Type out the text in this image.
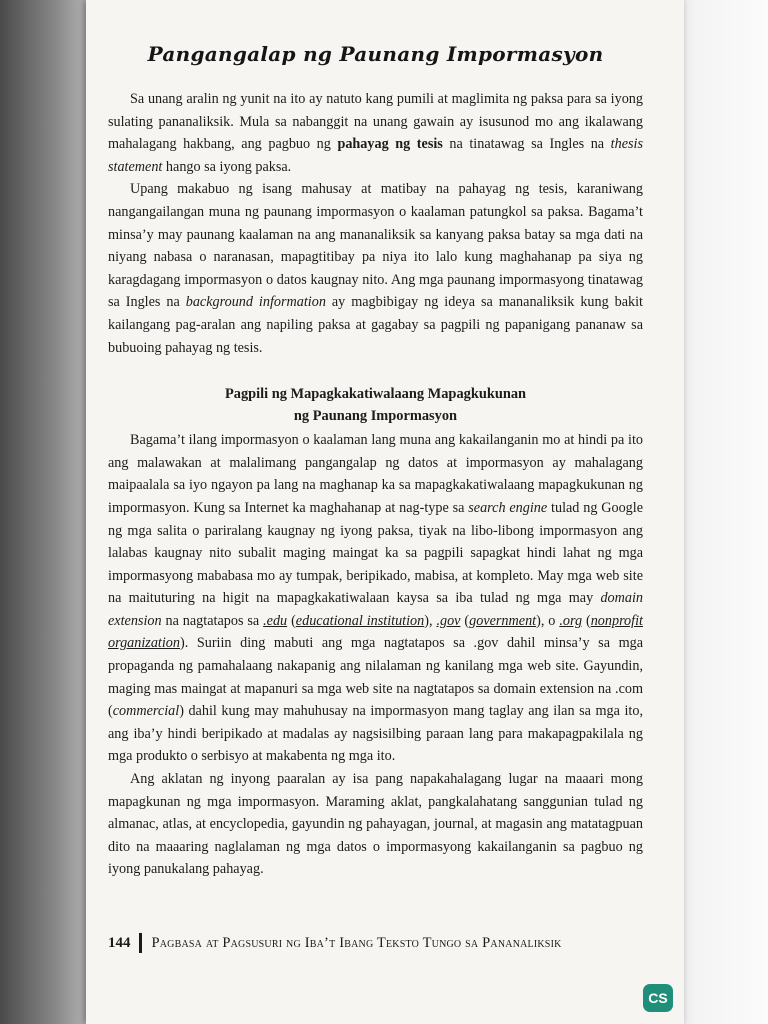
Pangangalap ng Paunang Impormasyon

Sa unang aralin ng yunit na ito ay natuto kang pumili at maglimita ng paksa para sa iyong sulating pananaliksik. Mula sa nabanggit na unang gawain ay isusunod mo ang ikalawang mahalagang hakbang, ang pagbuo ng pahayag ng tesis na tinatawag sa Ingles na thesis statement hango sa iyong paksa.

Upang makabuo ng isang mahusay at matibay na pahayag ng tesis, karaniwang nangangailangan muna ng paunang impormasyon o kaalaman patungkol sa paksa. Bagama’t minsa’y may paunang kaalaman na ang mananaliksik sa kanyang paksa batay sa mga dati na niyang nabasa o naranasan, mapagtitibay pa niya ito lalo kung maghahanap pa siya ng karagdagang impormasyon o datos kaugnay nito. Ang mga paunang impormasyong tinatawag sa Ingles na background information ay magbibigay ng ideya sa mananaliksik kung bakit kailangang pag-aralan ang napiling paksa at gagabay sa pagpili ng papanigang pananaw sa bubuoing pahayag ng tesis.

Pagpili ng Mapagkakatiwalaang Mapagkukunan
ng Paunang Impormasyon

Bagama’t ilang impormasyon o kaalaman lang muna ang kakailanganin mo at hindi pa ito ang malawakan at malalimang pangangalap ng datos at impormasyon ay mahalagang maipaalala sa iyo ngayon pa lang na maghanap ka sa mapagkakatiwalaang mapagkukunan ng impormasyon. Kung sa Internet ka maghahanap at nag-type sa search engine tulad ng Google ng mga salita o pariralang kaugnay ng iyong paksa, tiyak na libo-libong impormasyon ang lalabas kaugnay nito subalit maging maingat ka sa pagpili sapagkat hindi lahat ng mga impormasyong mababasa mo ay tumpak, beripikado, mabisa, at kompleto. May mga web site na maituturing na higit na mapagkakatiwalaan kaysa sa iba tulad ng mga may domain extension na nagtatapos sa .edu (educational institution), .gov (government), o .org (nonprofit organization). Suriin ding mabuti ang mga nagtatapos sa .gov dahil minsa’y sa mga propaganda ng pamahalaang nakapanig ang nilalaman ng kanilang mga web site. Gayundin, maging mas maingat at mapanuri sa mga web site na nagtatapos sa domain extension na .com (commercial) dahil kung may mahuhusay na impormasyon mang taglay ang ilan sa mga ito, ang iba’y hindi beripikado at madalas ay nagsisilbing paraan lang para makapagpakilala ng mga produkto o serbisyo at makabenta ng mga ito.

Ang aklatan ng inyong paaralan ay isa pang napakahalagang lugar na maaari mong mapagkunan ng mga impormasyon. Maraming aklat, pangkalahatang sanggunian tulad ng almanac, atlas, at encyclopedia, gayundin ng pahayagan, journal, at magasin ang matatagpuan dito na maaaring naglalaman ng mga datos o impormasyong kakailanganin sa pagbuo ng iyong panukalang pahayag.

144 Pagbasa at Pagsusuri ng Iba’t Ibang Teksto Tungo sa Pananaliksik
CS
